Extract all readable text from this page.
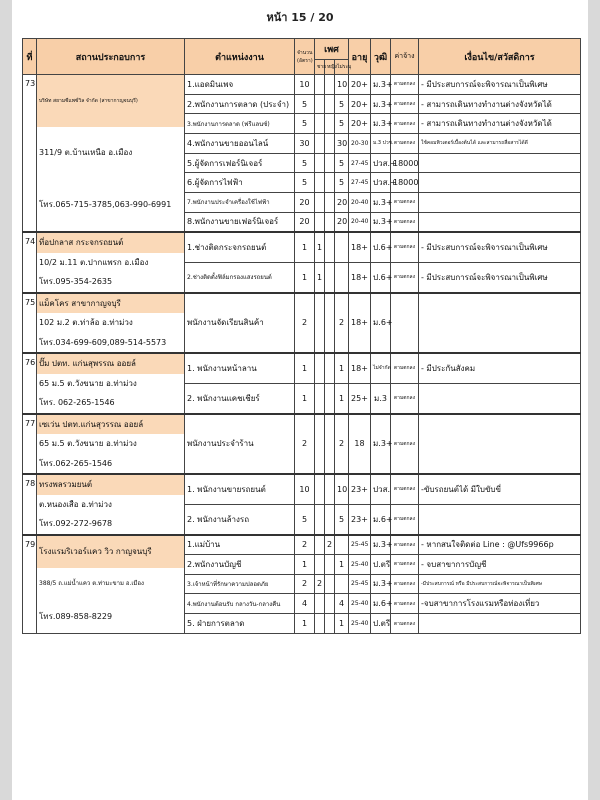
หน้า 15 / 20
ที่	สถานประกอบการ	ตำแหน่งงาน	จำนวน (อัตรา)	เพศ			อายุ	วุฒิ	ค่าจ้าง	เงื่อนไข/สวัสดิการ
				ชาย	หญิง	ไม่ระบุ				
73	บริษัท สยามซีแพซ์วิล จำกัด (สาขากาญจนบุรี)
311/9 ต.บ้านเหนือ อ.เมือง
โทร.065-715-3785,063-990-6991	1.แอดมินเพจ	10			10	20+	ม.3+	ตามตกลง	- มีประสบการณ์จะพิจารณาเป็นพิเศษ
		2.พนักงานการตลาด (ประจำ)	5			5	20+	ม.3+	ตามตกลง	- สามารถเดินทางทำงานต่างจังหวัดได้
		3.พนักงานการตลาด (ฟรีแลนซ์)	5			5	20+	ม.3+	ตามตกลง	- สามารถเดินทางทำงานต่างจังหวัดได้
		4.พนักงานขายออนไลน์	30			30	20-30	ม.3 ปวช.	ตามตกลง	ใช้คอมพิวเตอร์เบื้องต้นได้ และสามารถสื่อสารได้ดี
		5.ผู้จัดการเฟอร์นิเจอร์	5			5	27-45	ปวส.+	18000	
		6.ผู้จัดการไฟฟ้า	5			5	27-45	ปวส.+	18000	
		7.พนักงานประจำเครื่องใช้ไฟฟ้า	20			20	20-40	ม.3+	ตามตกลง	
		8.พนักงานขายเฟอร์นิเจอร์	20			20	20-40	ม.3+	ตามตกลง	
74	ที่อปกลาส กระจกรถยนต์
10/2 ม.11 ต.ปากแพรก อ.เมือง
โทร.095-354-2635	1.ช่างติดกระจกรถยนต์	1	1			18+	ป.6+	ตามตกลง	- มีประสบการณ์จะพิจารณาเป็นพิเศษ
		2.ช่างติดตั้งฟิล์มกรองแสงรถยนต์	1	1			18+	ป.6+	ตามตกลง	- มีประสบการณ์จะพิจารณาเป็นพิเศษ
75	แม็คโคร สาขากาญจบุรี
102 ม.2 ต.ท่าล้อ อ.ท่าม่วง
โทร.034-699-609,089-514-5573	พนักงานจัดเรียนสินค้า	2			2	18+	ม.6+		
76	ปั๊ม ปตท. แก่นสุพรรณ ออยล์
65 ม.5 ต.วังขนาย อ.ท่าม่วง
โทร. 062-265-1546	1. พนักงานหน้าลาน	1			1	18+	ไม่จำกัด	ตามตกลง	- มีประกันสังคม
		2. พนักงานแคชเชียร์	1			1	25+	ม.3	ตามตกลง	
77	เซเว่น ปตท.แก่นสุวรรณ ออยล์
65 ม.5 ต.วังขนาย อ.ท่าม่วง
โทร.062-265-1546	พนักงานประจำร้าน	2			2	18	ม.3+	ตามตกลง	
78	ทรงพลรวมยนต์
ต.หนองเสือ อ.ท่าม่วง
โทร.092-272-9678	1. พนักงานขายรถยนต์	10			10	23+	ปวส.	ตามตกลง	-ขับรถยนต์ได้ มีใบขับขี่
		2. พนักงานล้างรถ	5			5	23+	ม.6+	ตามตกลง	
79	โรงแรมริเวอร์แคว วิว กาญจนบุรี
388/5 ถ.แม่น้ำแคว ต.ท่ามะขาม อ.เมือง
โทร.089-858-8229	1.แม่บ้าน	2		2		25-45	ม.3+	ตามตกลง	- หากสนใจติดต่อ Line : @Ufs9966p
		2.พนักงานบัญชี	1			1	25-40	ป.ตรี	ตามตกลง	- จบสาขาการบัญชี
		3.เจ้าหน้าที่รักษาความปลอดภัย	2	2			25-45	ม.3+	ตามตกลง	-มีประสบการณ์ หรือ มีประสบการณ์จะพิจารณาเป็นพิเศษ
		4.พนักงานต้อนรับ กลางวัน-กลางคืน	4			4	25-40	ม.6+	ตามตกลง	-จบสาขาการโรงแรมหรือท่องเที่ยว
		5. ฝ่ายการตลาด	1			1	25-40	ป.ตรี	ตามตกลง	
